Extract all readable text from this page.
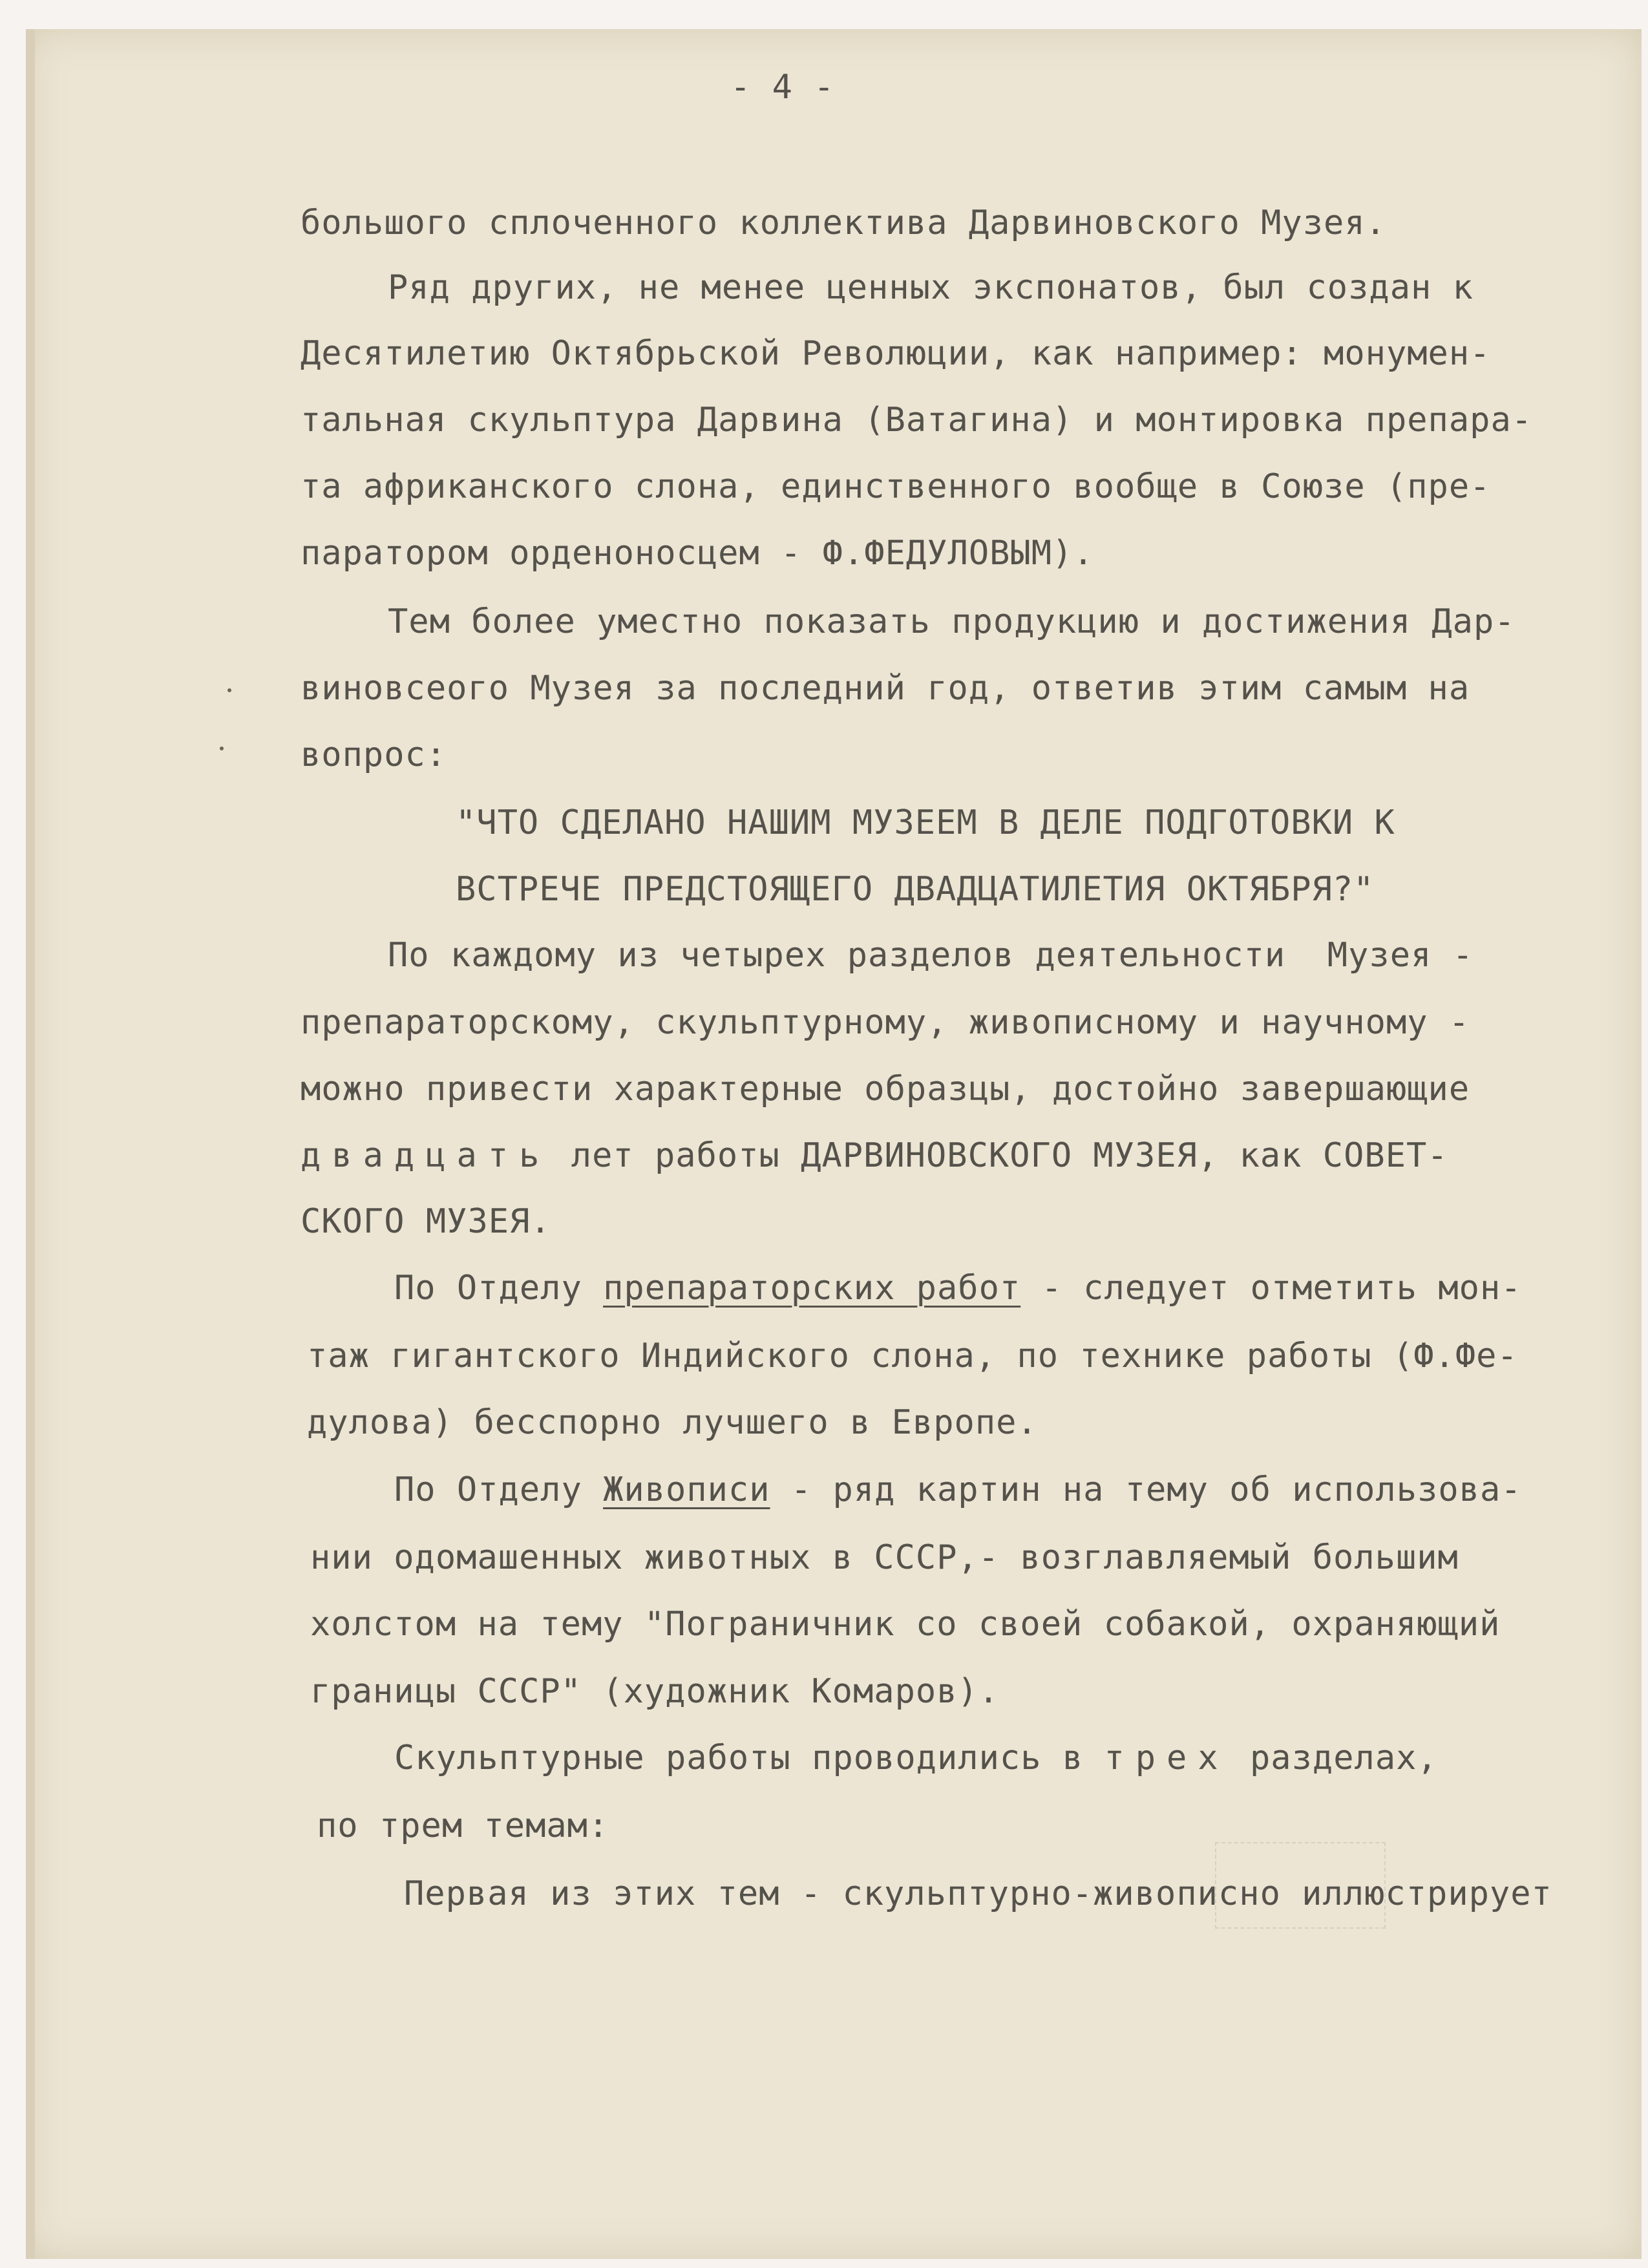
- 4 -
большого сплоченного коллектива Дарвиновского Музея.
Ряд других, не менее ценных экспонатов, был создан к
Десятилетию Октябрьской Революции, как например: монумен-
тальная скульптура Дарвина (Ватагина) и монтировка препара-
та африканского слона, единственного вообще в Союзе (пре-
паратором орденоносцем - Ф.ФЕДУЛОВЫМ).
Тем более уместно показать продукцию и достижения Дар-
виновсеого Музея за последний год, ответив этим самым на
вопрос:
"ЧТО СДЕЛАНО НАШИМ МУЗЕЕМ В ДЕЛЕ ПОДГОТОВКИ К
ВСТРЕЧЕ ПРЕДСТОЯЩЕГО ДВАДЦАТИЛЕТИЯ ОКТЯБРЯ?"
По каждому из четырех разделов деятельности  Музея -
препараторскому, скульптурному, живописному и научному -
можно привести характерные образцы, достойно завершающие
двадцать лет работы ДАРВИНОВСКОГО МУЗЕЯ, как СОВЕТ-
СКОГО МУЗЕЯ.
По Отделу препараторских работ - следует отметить мон-
таж гигантского Индийского слона, по технике работы (Ф.Фе-
дулова) бесспорно лучшего в Европе.
По Отделу Живописи - ряд картин на тему об использова-
нии одомашенных животных в СССР,- возглавляемый большим
холстом на тему "Пограничник со своей собакой, охраняющий
границы СССР" (художник Комаров).
Скульптурные работы проводились в трех разделах,
по трем темам:
Первая из этих тем - скульптурно-живописно иллюстрирует
